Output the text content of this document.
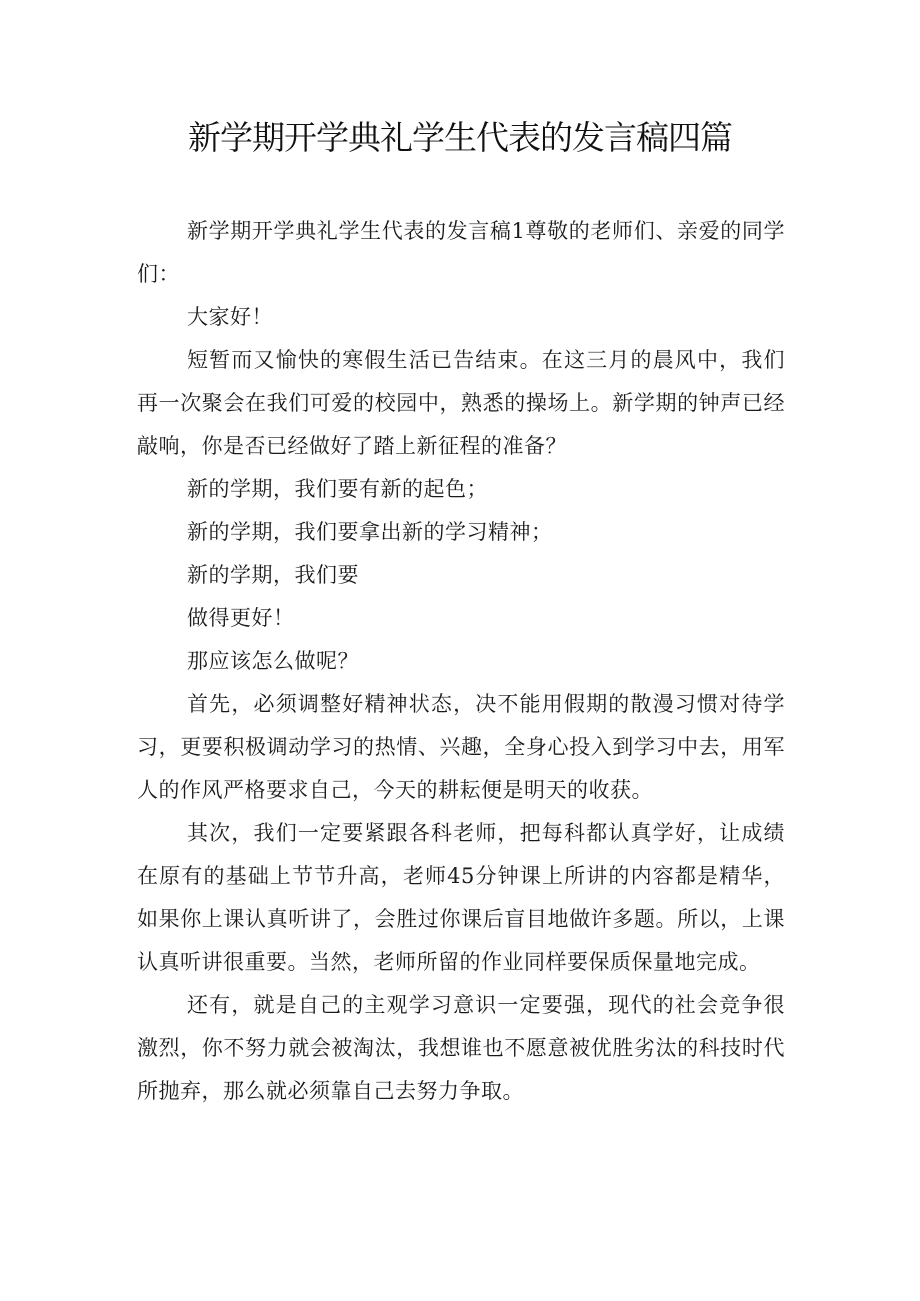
新学期开学典礼学生代表的发言稿四篇

新学期开学典礼学生代表的发言稿1尊敬的老师们、亲爱的同学们：

大家好！

短暂而又愉快的寒假生活已告结束。在这三月的晨风中，我们再一次聚会在我们可爱的校园中，熟悉的操场上。新学期的钟声已经敲响，你是否已经做好了踏上新征程的准备？

新的学期，我们要有新的起色；

新的学期，我们要拿出新的学习精神；

新的学期，我们要

做得更好！

那应该怎么做呢？

首先，必须调整好精神状态，决不能用假期的散漫习惯对待学习，更要积极调动学习的热情、兴趣，全身心投入到学习中去，用军人的作风严格要求自己，今天的耕耘便是明天的收获。

其次，我们一定要紧跟各科老师，把每科都认真学好，让成绩在原有的基础上节节升高，老师45分钟课上所讲的内容都是精华，如果你上课认真听讲了，会胜过你课后盲目地做许多题。所以，上课认真听讲很重要。当然，老师所留的作业同样要保质保量地完成。

还有，就是自己的主观学习意识一定要强，现代的社会竞争很激烈，你不努力就会被淘汰，我想谁也不愿意被优胜劣汰的科技时代所抛弃，那么就必须靠自己去努力争取。
